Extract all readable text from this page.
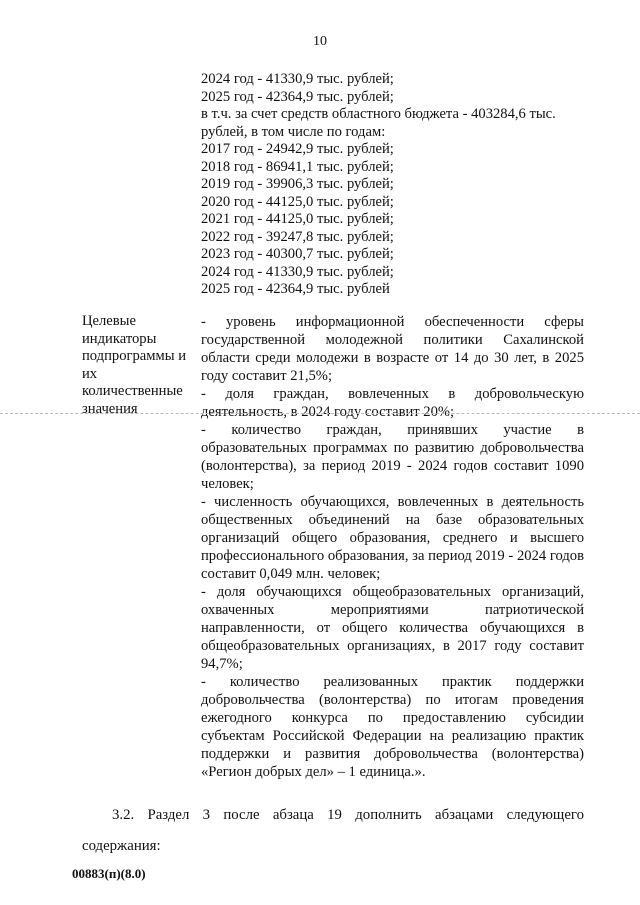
10
2024 год - 41330,9 тыс. рублей;
2025 год - 42364,9 тыс. рублей;
в т.ч. за счет средств областного бюджета - 403284,6 тыс.
рублей, в том числе по годам:
2017 год - 24942,9 тыс. рублей;
2018 год - 86941,1 тыс. рублей;
2019 год - 39906,3 тыс. рублей;
2020 год - 44125,0 тыс. рублей;
2021 год - 44125,0 тыс. рублей;
2022 год - 39247,8 тыс. рублей;
2023 год - 40300,7 тыс. рублей;
2024 год - 41330,9 тыс. рублей;
2025 год - 42364,9 тыс. рублей
Целевые
индикаторы
подпрограммы и
их
количественные
значения

- уровень информационной обеспеченности сферы государственной молодежной политики Сахалинской области среди молодежи в возрасте от 14 до 30 лет, в 2025 году составит 21,5%;

- доля граждан, вовлеченных в добровольческую деятельность, в 2024 году составит 20%;

- количество граждан, принявших участие в образовательных программах по развитию добровольчества (волонтерства), за период 2019 - 2024 годов составит 1090 человек;

- численность обучающихся, вовлеченных в деятельность общественных объединений на базе образовательных организаций общего образования, среднего и высшего профессионального образования, за период 2019 - 2024 годов составит 0,049 млн. человек;

- доля обучающихся общеобразовательных организаций, охваченных мероприятиями патриотической направленности, от общего количества обучающихся в общеобразовательных организациях, в 2017 году составит 94,7%;

- количество реализованных практик поддержки добровольчества (волонтерства) по итогам проведения ежегодного конкурса по предоставлению субсидии субъектам Российской Федерации на реализацию практик поддержки и развития добровольчества (волонтерства) «Регион добрых дел» – 1 единица.».

3.2. Раздел 3 после абзаца 19 дополнить абзацами следующего содержания:

00883(п)(8.0)
